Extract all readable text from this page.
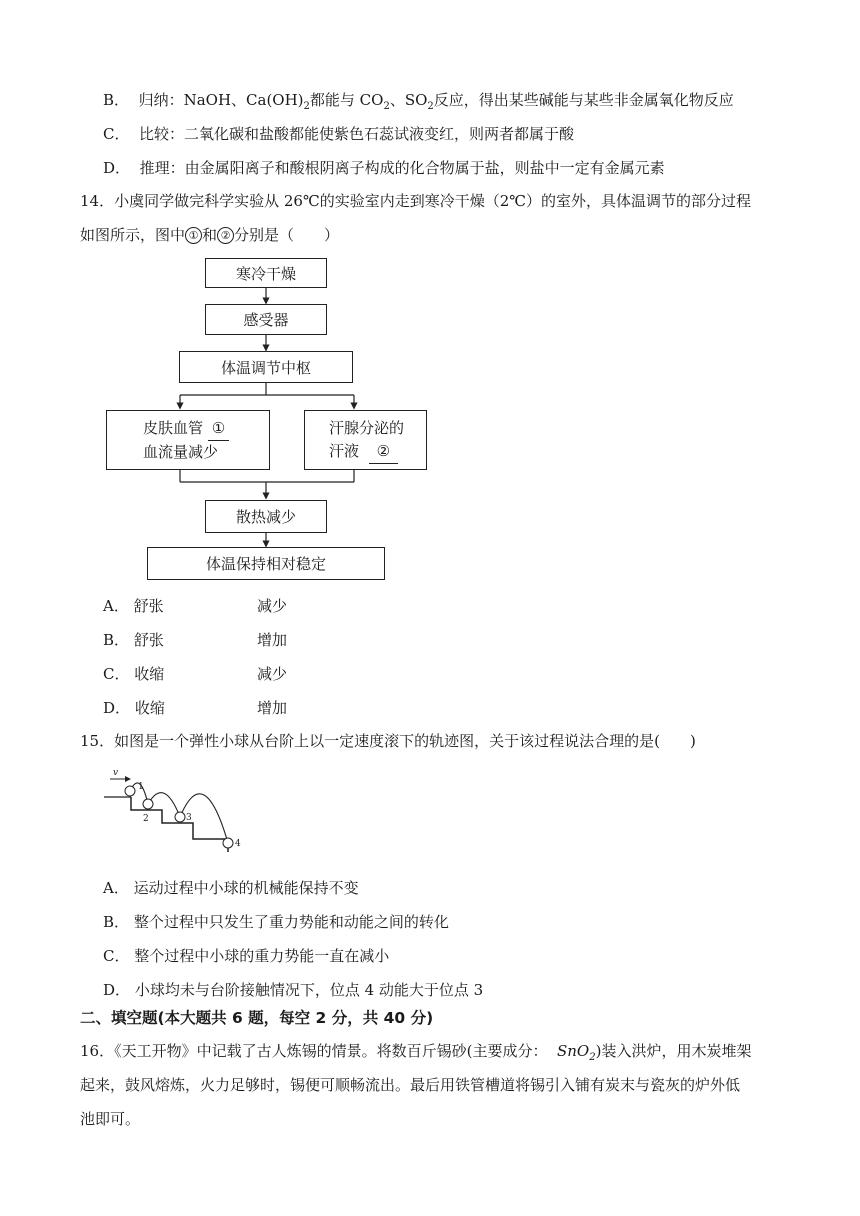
B． 归纳：NaOH、$Ca(OH)_2$都能与 $CO_2$、$SO_2$反应，得出某些碱能与某些非金属氧化物反应
C． 比较：二氧化碳和盐酸都能使紫色石蕊试液变红，则两者都属于酸
D． 推理：由金属阳离子和酸根阴离子构成的化合物属于盐，则盐中一定有金属元素
14．小虞同学做完科学实验从 26℃的实验室内走到寒冷干燥（2℃）的室外，具体温调节的部分过程
如图所示，图中 ① 和 ② 分别是（　　）
寒冷干燥
感受器
体温调节中枢
皮肤血管 ①
血流量减少
汗腺分泌的
汗液 ②
散热减少
体温保持相对稳定
A． 舒张	减少
B． 舒张	增加
C． 收缩	减少
D． 收缩	增加
15．如图是一个弹性小球从台阶上以一定速度滚下的轨迹图，关于该过程说法合理的是(　　)
v
1
2	3
4
A． 运动过程中小球的机械能保持不变
B． 整个过程中只发生了重力势能和动能之间的转化
C． 整个过程中小球的重力势能一直在减小
D． 小球均未与台阶接触情况下，位点 4 动能大于位点 3
二、填空题(本大题共 6 题，每空 2 分，共 40 分)
16．《天工开物》中记载了古人炼锡的情景。将数百斤锡砂(主要成分： SnO$_2$)装入洪炉，用木炭堆架
起来，鼓风熔炼，火力足够时，锡便可顺畅流出。最后用铁管槽道将锡引入铺有炭末与瓷灰的炉外低
池即可。
